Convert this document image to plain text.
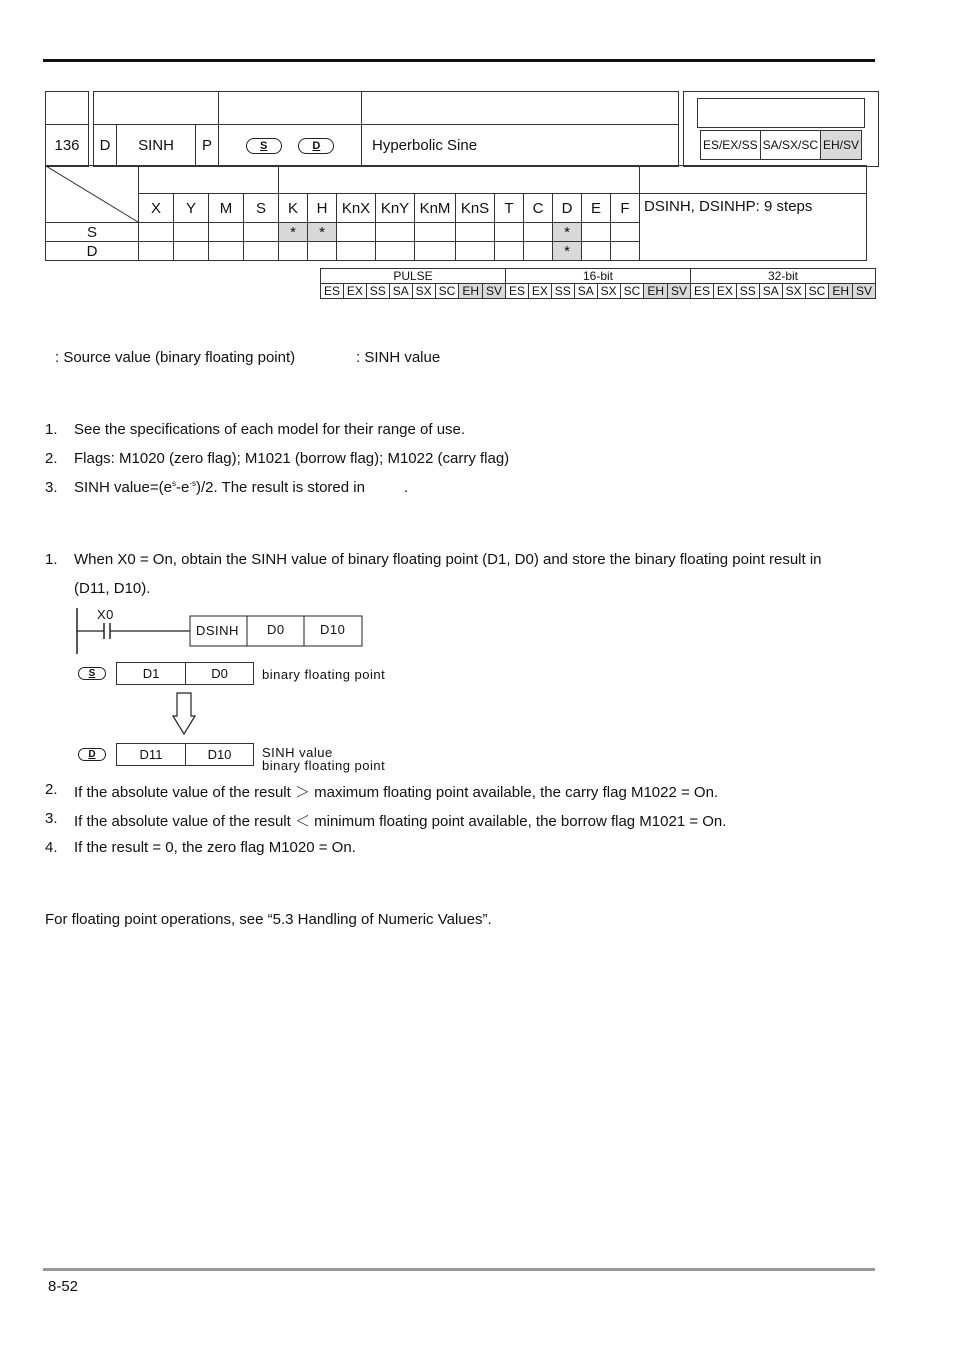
ES/EX/SS	SA/SX/SC	EH/SV

136	D	SINH	P	S	D	Hyperbolic Sine

	X	Y	M	S	K	H	KnX	KnY	KnM	KnS	T	C	D	E	F	DSINH, DSINHP: 9 steps
S					*	*							*			
D													*			
PULSE								16-bit								32-bit							
ES	EX	SS	SA	SX	SC	EH	SV	ES	EX	SS	SA	SX	SC	EH	SV	ES	EX	SS	SA	SX	SC	EH	SV
: Source value (binary floating point)	: SINH value
1. See the specifications of each model for their range of use.
2. Flags: M1020 (zero flag); M1021 (borrow flag); M1022 (carry flag)
3. SINH $value=(e^s-e^{-s})/2$. The result is stored in	.
1. When X0 = On, obtain the SINH value of binary floating point (D1, D0) and store the binary floating point result in
(D11, D10).
X0
DSINH D0	D10
S	D1	D0	binary floating point
D	D11	D10 SINH value
binary floating point
2. If the absolute value of the result ＞ maximum floating point available, the carry flag M1022 = On.
3. If the absolute value of the result ＜ minimum floating point available, the borrow flag M1021 = On.
4. If the result = 0, the zero flag M1020 = On.
For floating point operations, see “5.3 Handling of Numeric Values”.
8-52
